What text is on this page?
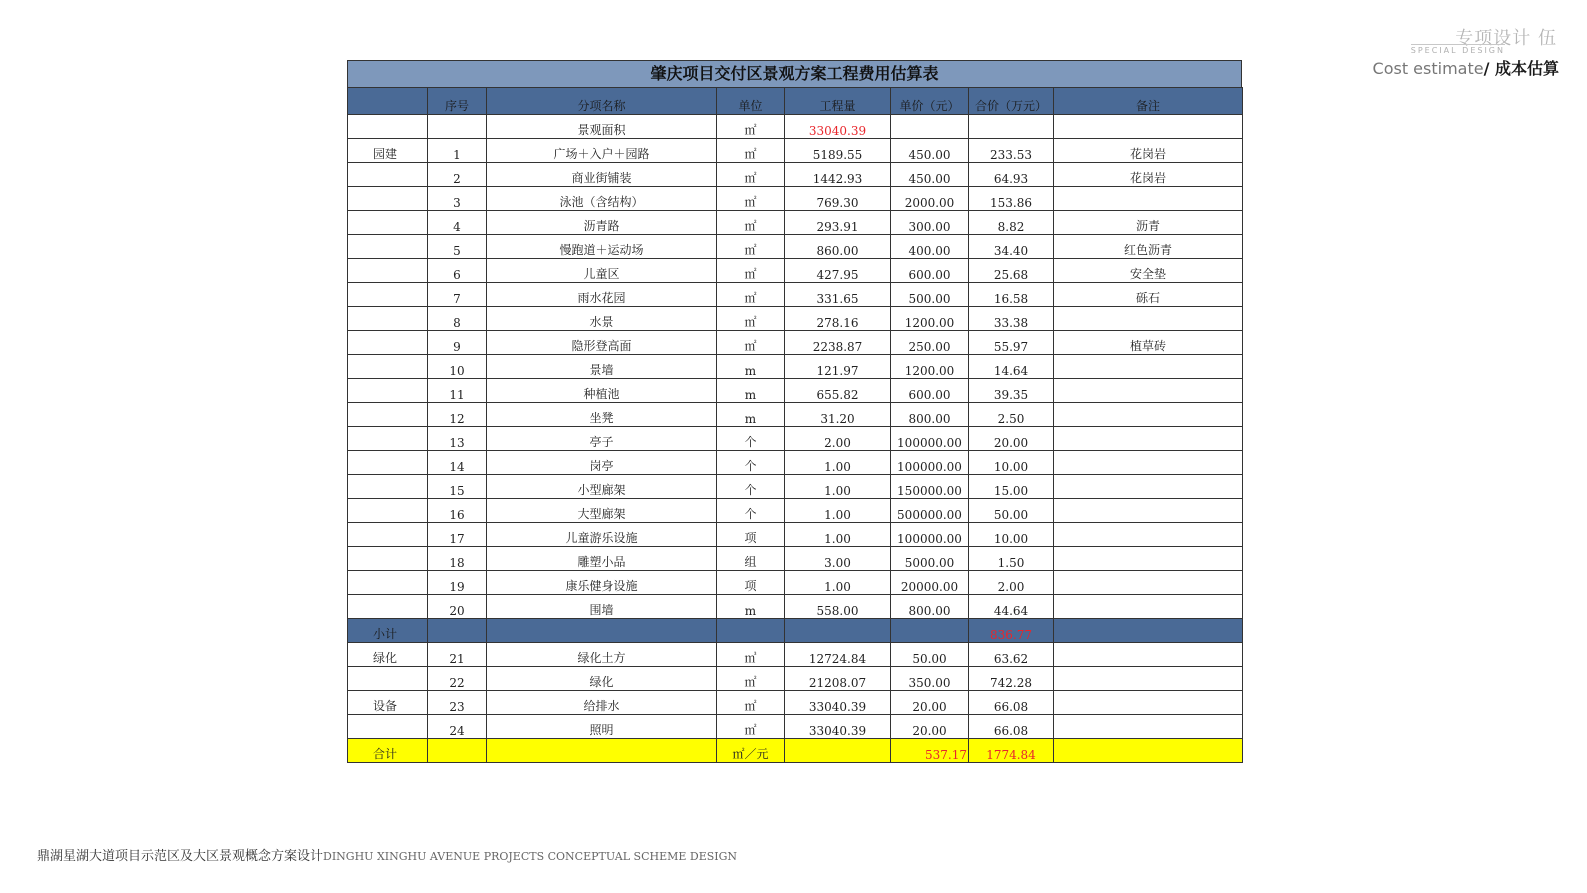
专项设计 伍
SPECIAL DESIGN
Cost estimate/ 成本估算
肇庆项目交付区景观方案工程费用估算表
	序号	分项名称	单位	工程量	单价（元）	合价（万元）	备注
		景观面积	㎡	33040.39			
园建	1	广场＋入户＋园路	㎡	5189.55	450.00	233.53	花岗岩
	2	商业街铺装	㎡	1442.93	450.00	64.93	花岗岩
	3	泳池（含结构）	㎡	769.30	2000.00	153.86	
	4	沥青路	㎡	293.91	300.00	8.82	沥青
	5	慢跑道＋运动场	㎡	860.00	400.00	34.40	红色沥青
	6	儿童区	㎡	427.95	600.00	25.68	安全垫
	7	雨水花园	㎡	331.65	500.00	16.58	砾石
	8	水景	㎡	278.16	1200.00	33.38	
	9	隐形登高面	㎡	2238.87	250.00	55.97	植草砖
	10	景墙	m	121.97	1200.00	14.64	
	11	种植池	m	655.82	600.00	39.35	
	12	坐凳	m	31.20	800.00	2.50	
	13	亭子	个	2.00	100000.00	20.00	
	14	岗亭	个	1.00	100000.00	10.00	
	15	小型廊架	个	1.00	150000.00	15.00	
	16	大型廊架	个	1.00	500000.00	50.00	
	17	儿童游乐设施	项	1.00	100000.00	10.00	
	18	雕塑小品	组	3.00	5000.00	1.50	
	19	康乐健身设施	项	1.00	20000.00	2.00	
	20	围墙	m	558.00	800.00	44.64	
小计						836.77	
绿化	21	绿化土方	㎥	12724.84	50.00	63.62	
	22	绿化	㎡	21208.07	350.00	742.28	
设备	23	给排水	㎡	33040.39	20.00	66.08	
	24	照明	㎡	33040.39	20.00	66.08	
合计			㎡／元		537.17	1774.84	
鼎湖星湖大道项目示范区及大区景观概念方案设计DINGHU XINGHU AVENUE PROJECTS CONCEPTUAL SCHEME DESIGN
